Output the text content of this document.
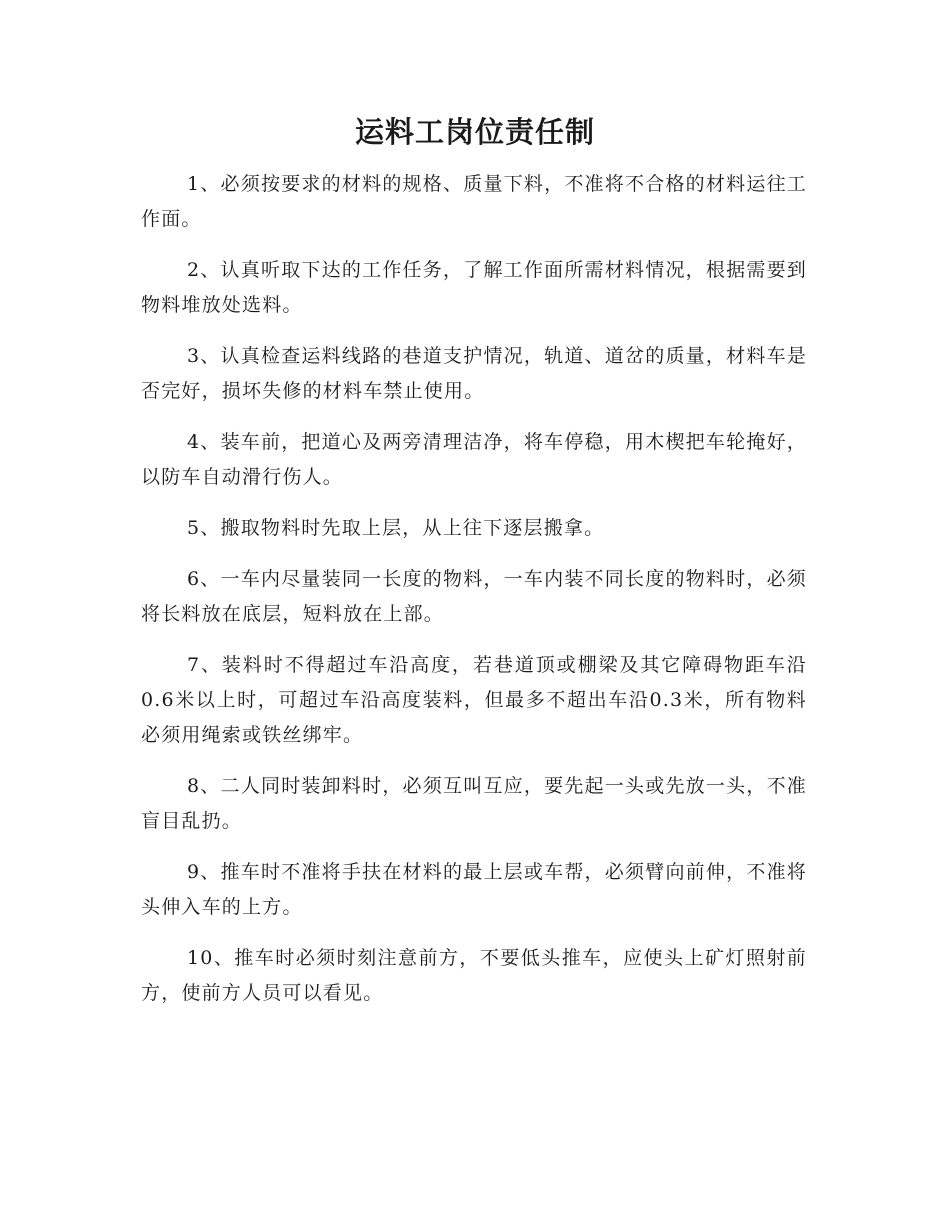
运料工岗位责任制

1、必须按要求的材料的规格、质量下料，不准将不合格的材料运往工作面。

2、认真听取下达的工作任务，了解工作面所需材料情况，根据需要到物料堆放处选料。

3、认真检查运料线路的巷道支护情况，轨道、道岔的质量，材料车是否完好，损坏失修的材料车禁止使用。

4、装车前，把道心及两旁清理洁净，将车停稳，用木楔把车轮掩好，以防车自动滑行伤人。

5、搬取物料时先取上层，从上往下逐层搬拿。

6、一车内尽量装同一长度的物料，一车内装不同长度的物料时，必须将长料放在底层，短料放在上部。

7、装料时不得超过车沿高度，若巷道顶或棚梁及其它障碍物距车沿0.6米以上时，可超过车沿高度装料，但最多不超出车沿0.3米，所有物料必须用绳索或铁丝绑牢。

8、二人同时装卸料时，必须互叫互应，要先起一头或先放一头，不准盲目乱扔。

9、推车时不准将手扶在材料的最上层或车帮，必须臂向前伸，不准将头伸入车的上方。

10、推车时必须时刻注意前方，不要低头推车，应使头上矿灯照射前方，使前方人员可以看见。
